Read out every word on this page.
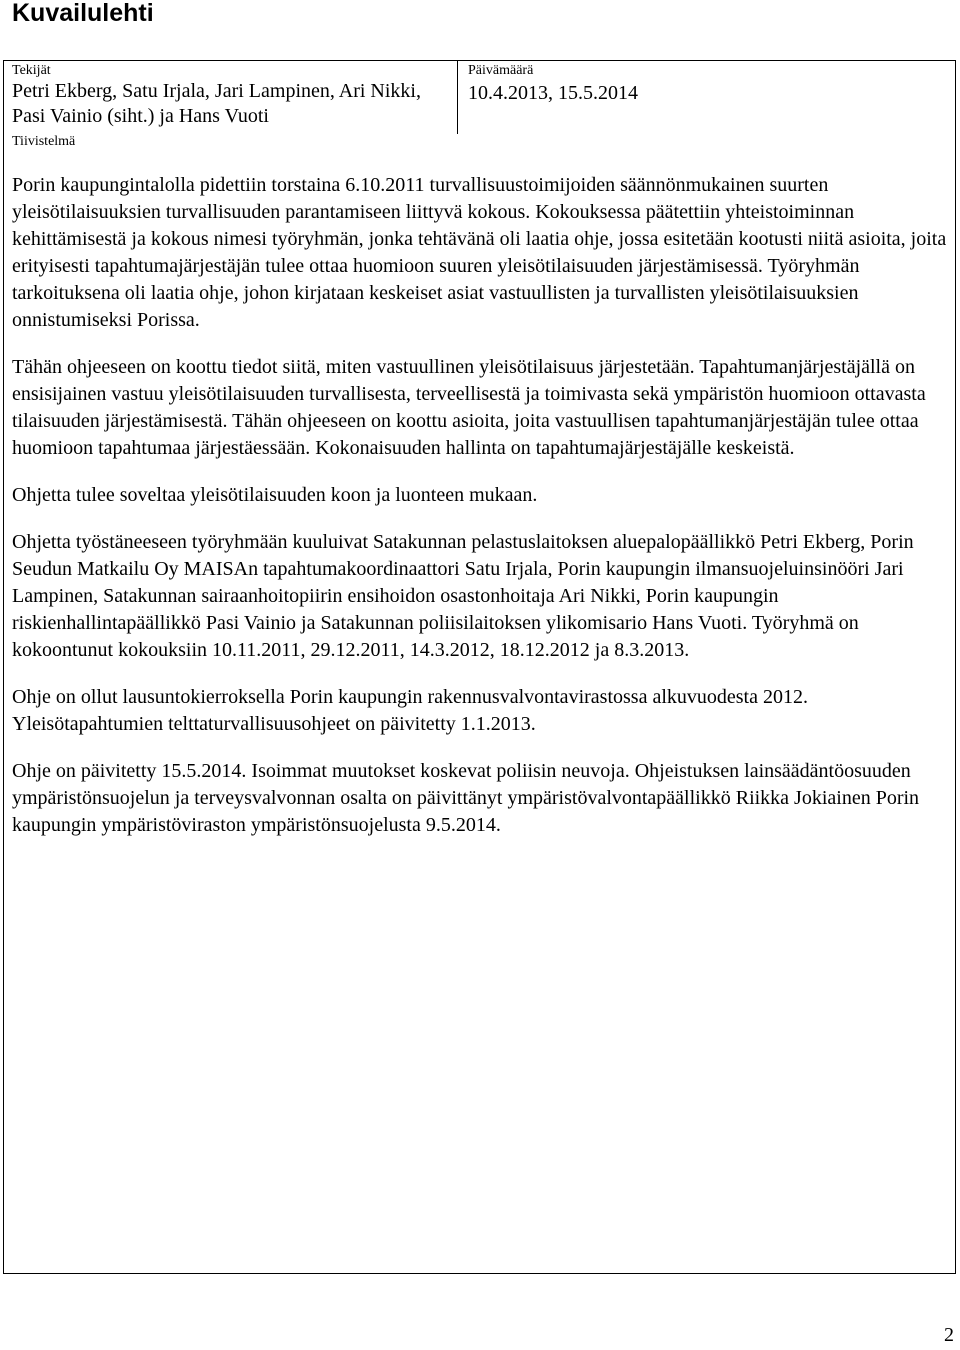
Kuvailulehti
Tekijät
Petri Ekberg, Satu Irjala, Jari Lampinen, Ari Nikki, Pasi Vainio (siht.) ja Hans Vuoti
Päivämäärä
10.4.2013, 15.5.2014
Tiivistelmä

Porin kaupungintalolla pidettiin torstaina 6.10.2011 turvallisuustoimijoiden säännönmukainen suurten yleisötilaisuuksien turvallisuuden parantamiseen liittyvä kokous. Kokouksessa päätettiin yhteistoiminnan kehittämisestä ja kokous nimesi työryhmän, jonka tehtävänä oli laatia ohje, jossa esitetään kootusti niitä asioita, joita erityisesti tapahtumajärjestäjän tulee ottaa huomioon suuren yleisötilaisuuden järjestämisessä. Työryhmän tarkoituksena oli laatia ohje, johon kirjataan keskeiset asiat vastuullisten ja turvallisten yleisötilaisuuksien onnistumiseksi Porissa.

Tähän ohjeeseen on koottu tiedot siitä, miten vastuullinen yleisötilaisuus järjestetään. Tapahtumanjärjestäjällä on ensisijainen vastuu yleisötilaisuuden turvallisesta, terveellisestä ja toimivasta sekä ympäristön huomioon ottavasta tilaisuuden järjestämisestä. Tähän ohjeeseen on koottu asioita, joita vastuullisen tapahtumanjärjestäjän tulee ottaa huomioon tapahtumaa järjestäessään. Kokonaisuuden hallinta on tapahtumajärjestäjälle keskeistä.

Ohjetta tulee soveltaa yleisötilaisuuden koon ja luonteen mukaan.

Ohjetta työstäneeseen työryhmään kuuluivat Satakunnan pelastuslaitoksen aluepalopäällikkö Petri Ekberg, Porin Seudun Matkailu Oy MAISAn tapahtumakoordinaattori Satu Irjala, Porin kaupungin ilmansuojeluinsinööri Jari Lampinen, Satakunnan sairaanhoitopiirin ensihoidon osastonhoitaja Ari Nikki, Porin kaupungin riskienhallintapäällikkö Pasi Vainio ja Satakunnan poliisilaitoksen ylikomisario Hans Vuoti. Työryhmä on kokoontunut kokouksiin 10.11.2011, 29.12.2011, 14.3.2012, 18.12.2012 ja 8.3.2013.

Ohje on ollut lausuntokierroksella Porin kaupungin rakennusvalvontavirastossa alkuvuodesta 2012. Yleisötapahtumien telttaturvallisuusohjeet on päivitetty 1.1.2013.

Ohje on päivitetty 15.5.2014. Isoimmat muutokset koskevat poliisin neuvoja. Ohjeistuksen lainsäädäntöosuuden ympäristönsuojelun ja terveysvalvonnan osalta on päivittänyt ympäristövalvontapäällikkö Riikka Jokiainen Porin kaupungin ympäristöviraston ympäristönsuojelusta 9.5.2014.

2
